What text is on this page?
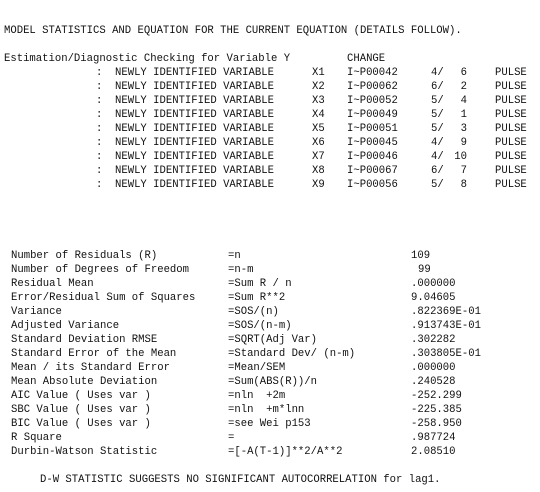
MODEL STATISTICS AND EQUATION FOR THE CURRENT EQUATION (DETAILS FOLLOW).
Estimation/Diagnostic Checking for Variable Y	CHANGE
: NEWLY IDENTIFIED VARIABLE	X1 I~P00042	4/	6	PULSE
: NEWLY IDENTIFIED VARIABLE	X2 I~P00062	6/	2	PULSE
: NEWLY IDENTIFIED VARIABLE	X3 I~P00052	5/	4	PULSE
: NEWLY IDENTIFIED VARIABLE	X4 I~P00049	5/	1	PULSE
: NEWLY IDENTIFIED VARIABLE	X5 I~P00051	5/	3	PULSE
: NEWLY IDENTIFIED VARIABLE	X6 I~P00045	4/	9	PULSE
: NEWLY IDENTIFIED VARIABLE	X7 I~P00046	4/ 10	PULSE
: NEWLY IDENTIFIED VARIABLE	X8 I~P00067	6/	7	PULSE
: NEWLY IDENTIFIED VARIABLE	X9 I~P00056	5/	8	PULSE
Number of Residuals (R)	=n	109
Number of Degrees of Freedom	=n-m	99
Residual Mean	=Sum R / n	.000000
Error/Residual Sum of Squares	=Sum R**2	9.04605
Variance	=SOS/(n)	.822369E-01
Adjusted Variance	=SOS/(n-m)	.913743E-01
Standard Deviation RMSE	=SQRT(Adj Var)	.302282
Standard Error of the Mean	=Standard Dev/ (n-m)	.303805E-01
Mean / its Standard Error	=Mean/SEM	.000000
Mean Absolute Deviation	=Sum(ABS(R))/n	.240528
AIC Value ( Uses var )	=nln  +2m	-252.299
SBC Value ( Uses var )	=nln  +m*lnn	-225.385
BIC Value ( Uses var )	=see Wei p153	-258.950
R Square	=	.987724
Durbin-Watson Statistic	=[-A(T-1)]**2/A**2	2.08510
D-W STATISTIC SUGGESTS NO SIGNIFICANT AUTOCORRELATION for lag1.
